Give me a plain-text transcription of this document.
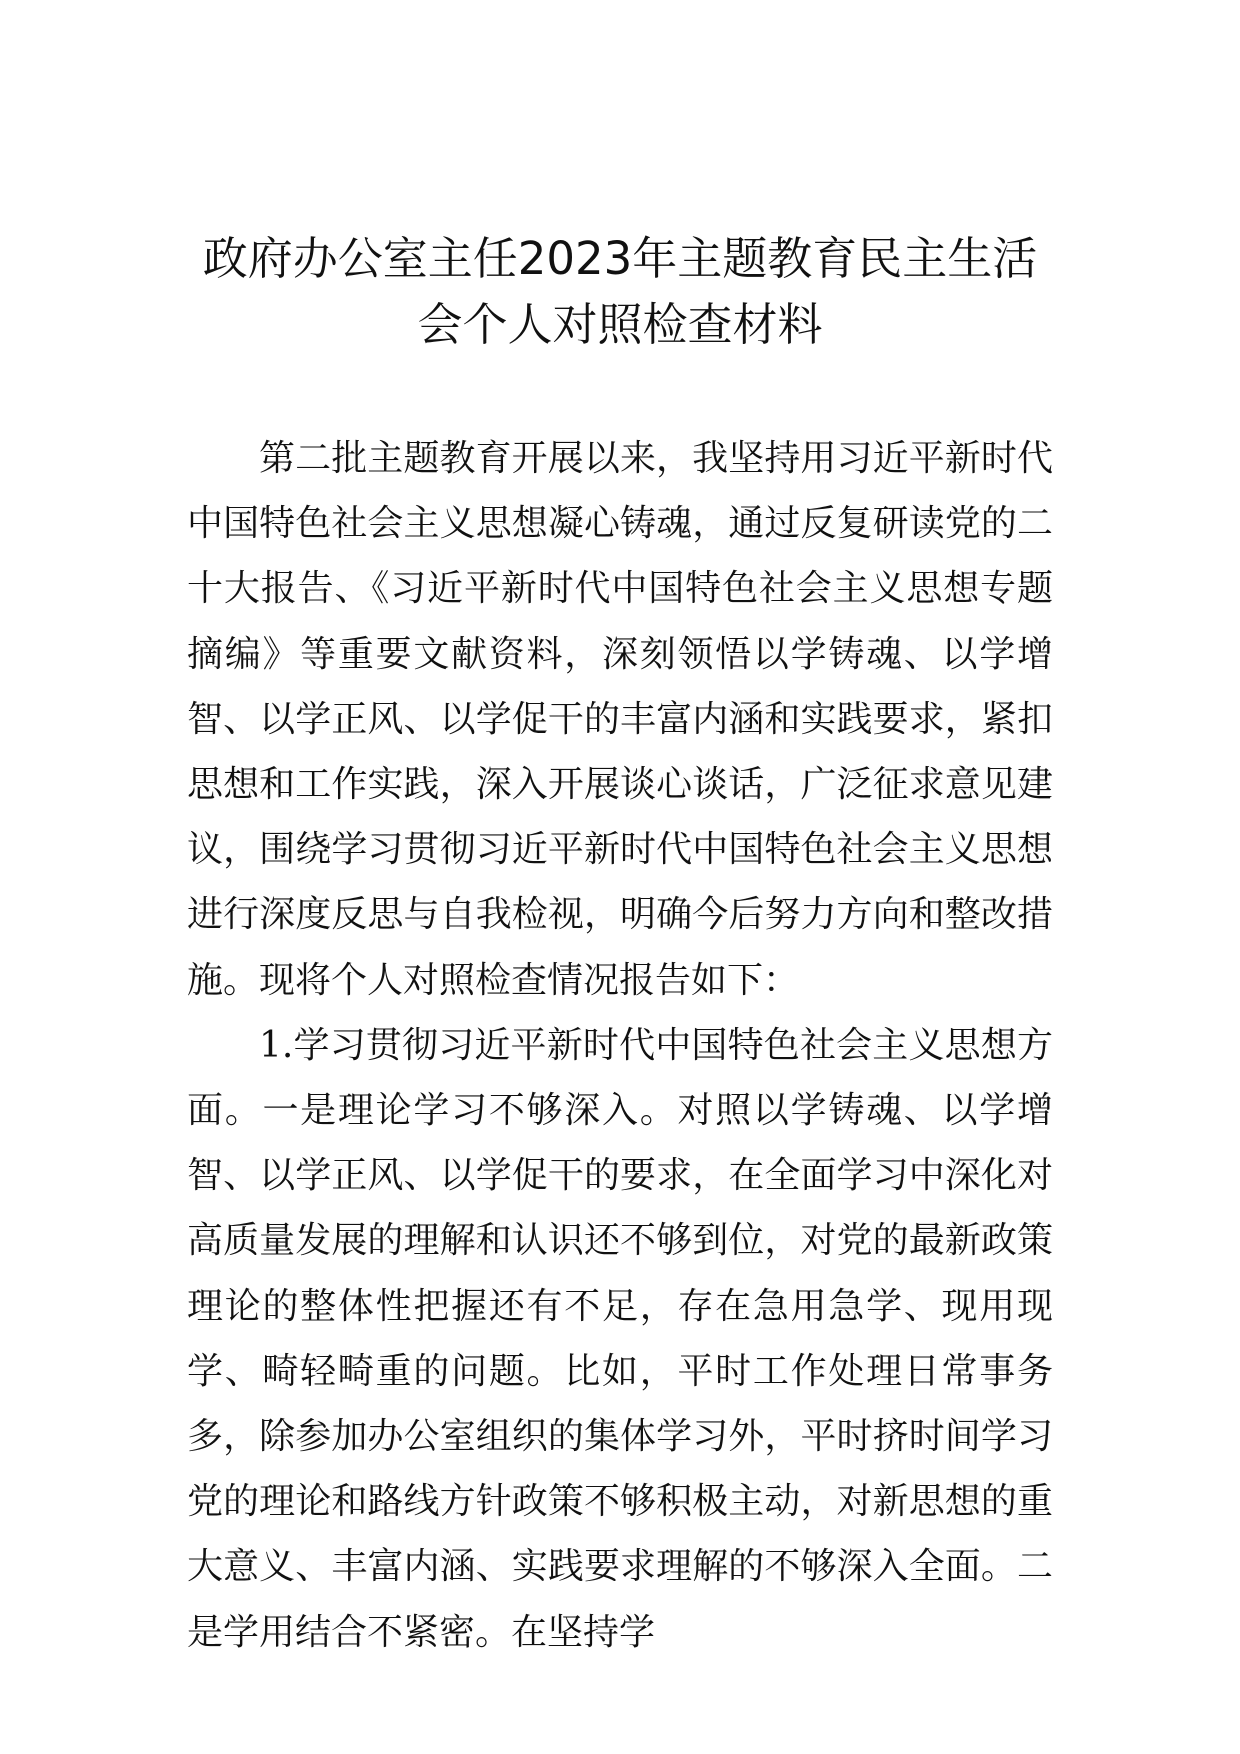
政府办公室主任2023年主题教育民主生活
会个人对照检查材料

第二批主题教育开展以来，我坚持用习近平新时代中国特色社会主义思想凝心铸魂，通过反复研读党的二十大报告、《习近平新时代中国特色社会主义思想专题摘编》等重要文献资料，深刻领悟以学铸魂、以学增智、以学正风、以学促干的丰富内涵和实践要求，紧扣思想和工作实践，深入开展谈心谈话，广泛征求意见建议，围绕学习贯彻习近平新时代中国特色社会主义思想进行深度反思与自我检视，明确今后努力方向和整改措施。现将个人对照检查情况报告如下：

1.学习贯彻习近平新时代中国特色社会主义思想方面。一是理论学习不够深入。对照以学铸魂、以学增智、以学正风、以学促干的要求，在全面学习中深化对高质量发展的理解和认识还不够到位，对党的最新政策理论的整体性把握还有不足，存在急用急学、现用现学、畸轻畸重的问题。比如，平时工作处理日常事务多，除参加办公室组织的集体学习外，平时挤时间学习党的理论和路线方针政策不够积极主动，对新思想的重大意义、丰富内涵、实践要求理解的不够深入全面。二是学用结合不紧密。在坚持学
